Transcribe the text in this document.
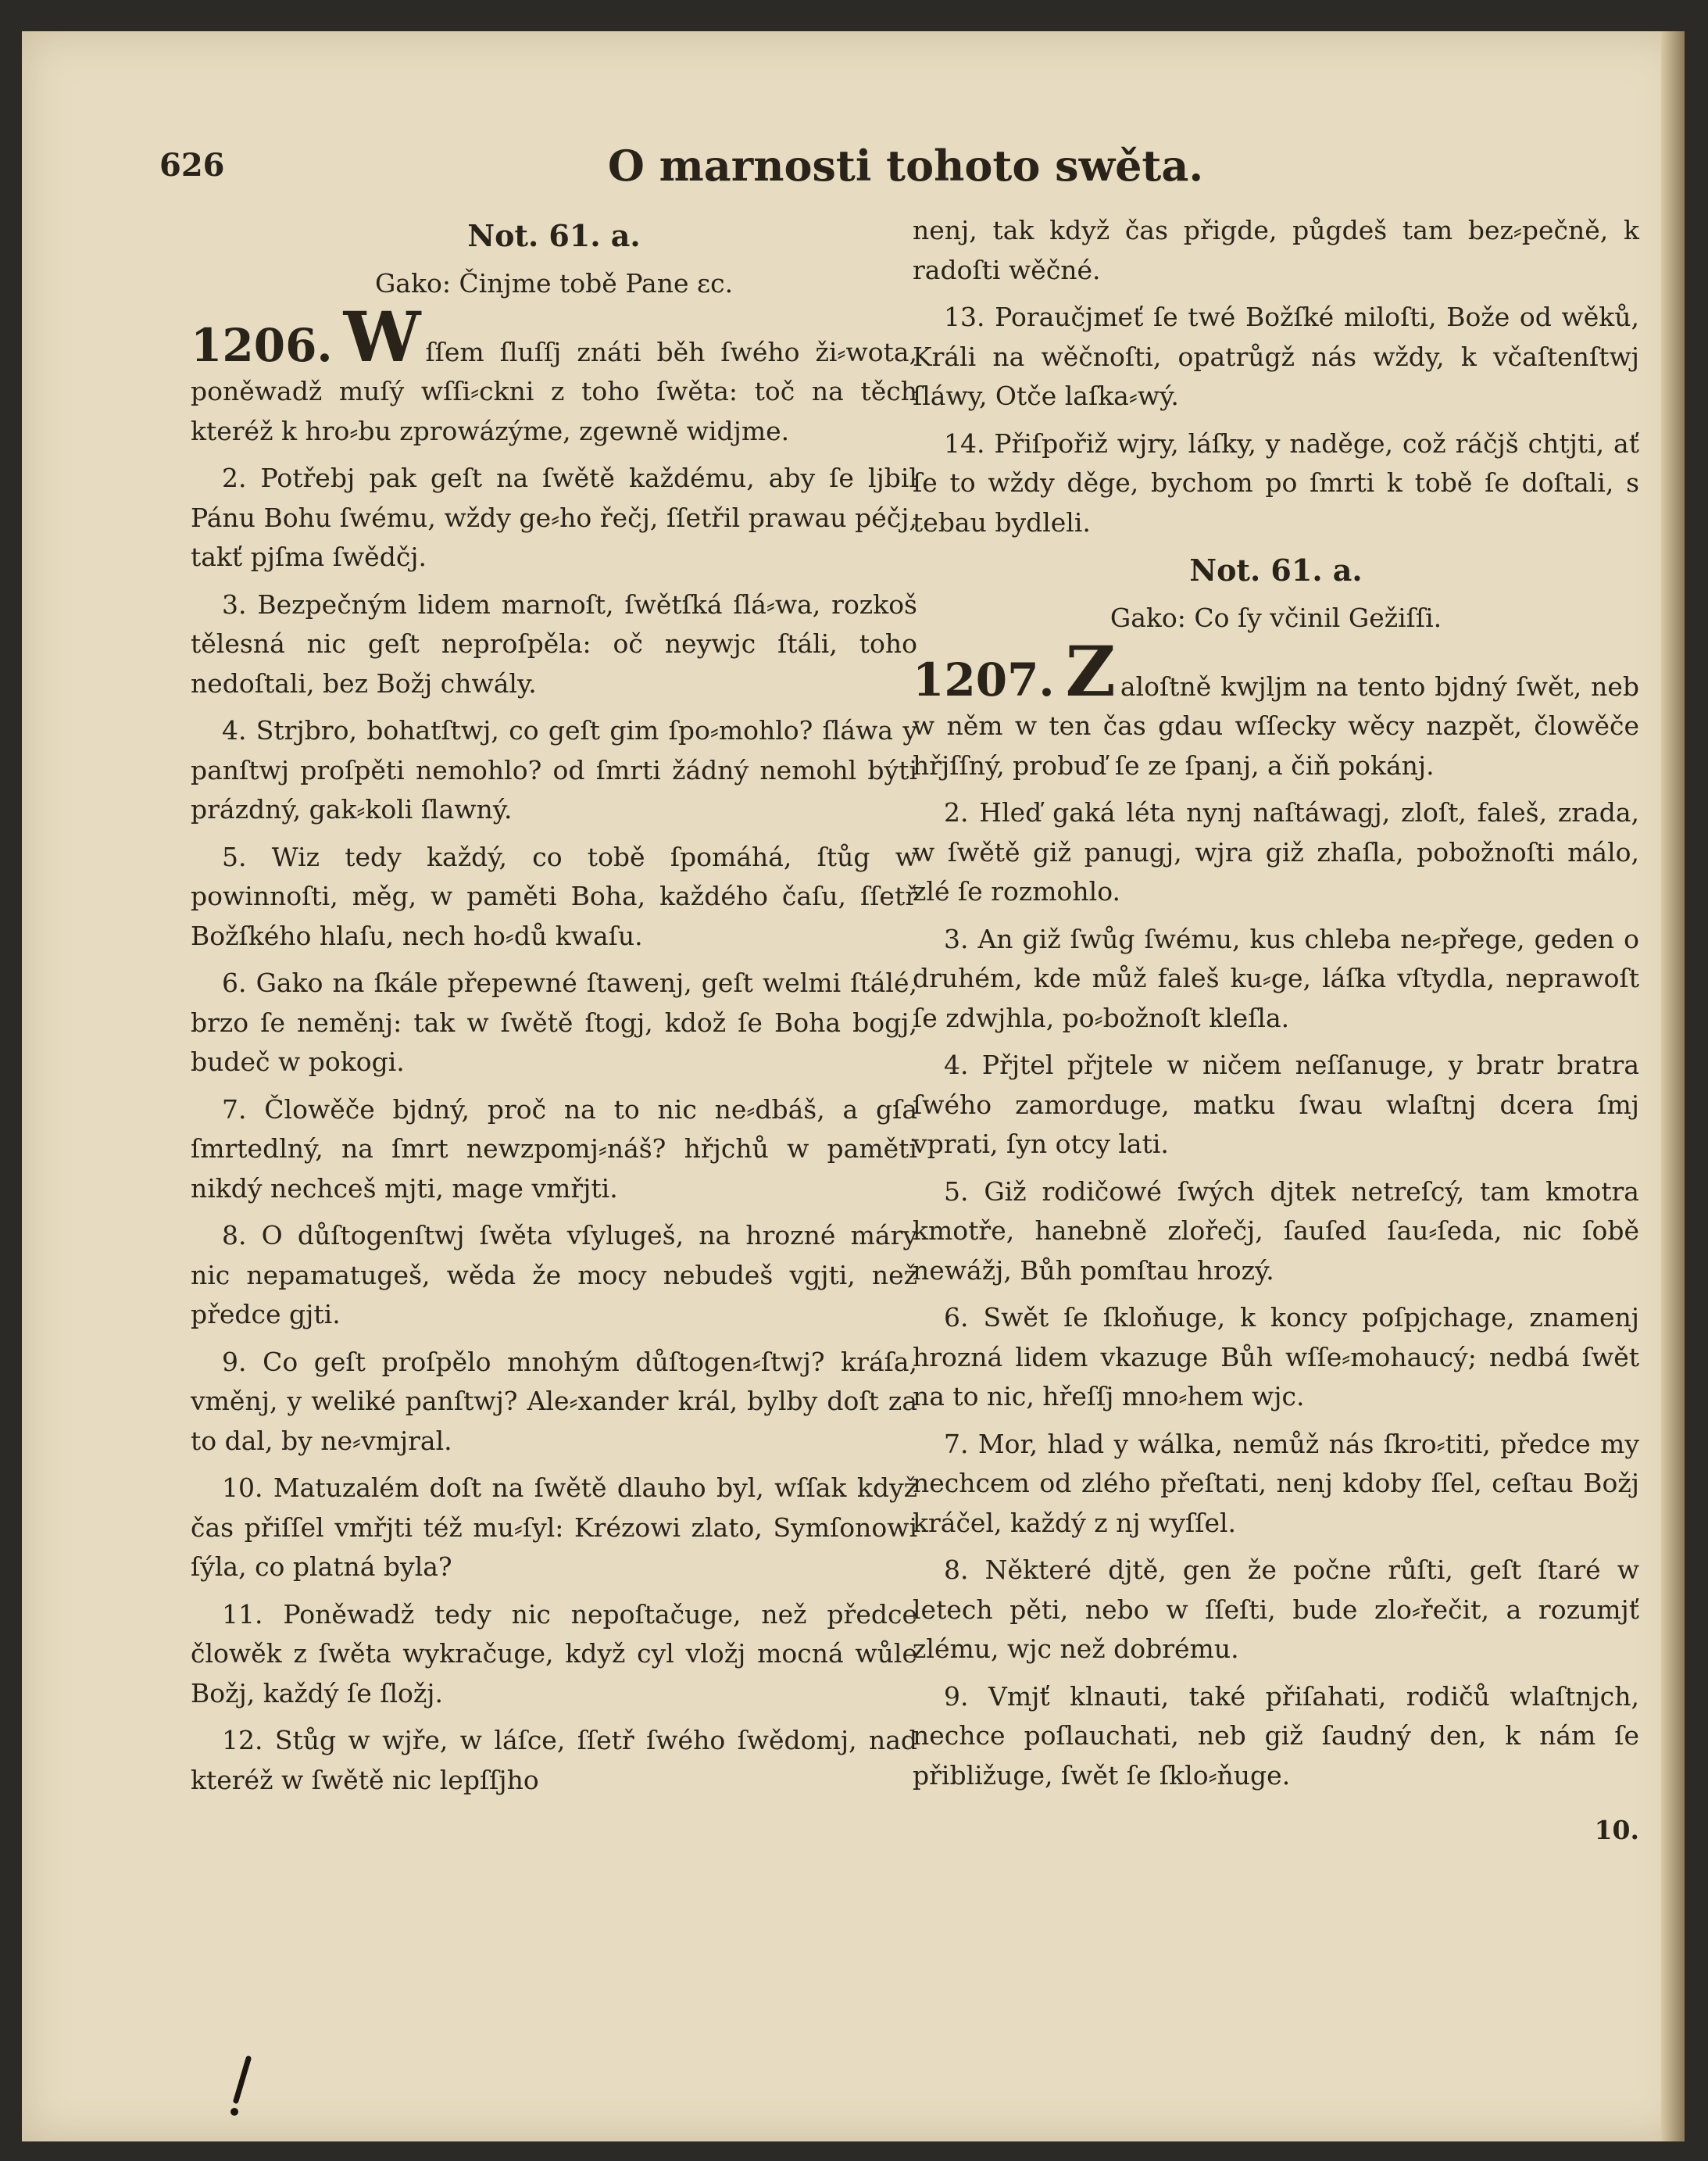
626	O marnosti tohoto swěta.
Not. 61. a.
Gako: Činjme tobě Pane ɛc.

1206. W ſſem ſluſſj znáti běh ſwého ži⸗wota, poněwadž muſý wſſi⸗ckni z toho ſwěta: toč na těch kteréž k hro⸗bu zprowázýme, zgewně widjme.

2. Potřebj pak geſt na ſwětě každému, aby ſe ljbil Pánu Bohu ſwému, wždy ge⸗ho řečj, ſſetřil prawau péčj, takť pjſma ſwědčj.

3. Bezpečným lidem marnoſt, ſwětſká ſlá⸗wa, rozkoš tělesná nic geſt neproſpěla: oč neywjc ſtáli, toho nedoſtali, bez Božj chwály.

4. Strjbro, bohatſtwj, co geſt gim ſpo⸗mohlo? ſláwa y panſtwj proſpěti nemohlo? od ſmrti žádný nemohl býti prázdný, gak⸗koli ſlawný.

5. Wiz tedy každý, co tobě ſpomáhá, ſtůg w powinnoſti, měg, w paměti Boha, každého čaſu, ſſetř Božſkého hlaſu, nech ho⸗dů kwaſu.

6. Gako na ſkále přepewné ſtawenj, geſt welmi ſtálé, brzo ſe neměnj: tak w ſwětě ſtogj, kdož ſe Boha bogj, budeč w pokogi.

7. Člowěče bjdný, proč na to nic ne⸗dbáš, a gſa ſmrtedlný, na ſmrt newzpomj⸗náš? hřjchů w paměti nikdý nechceš mjti, mage vmřjti.

8. O důſtogenſtwj ſwěta vſylugeš, na hrozné máry nic nepamatugeš, wěda že mocy nebudeš vgjti, než předce gjti.

9. Co geſt proſpělo mnohým důſtogen⸗ſtwj? kráſa, vměnj, y weliké panſtwj? Ale⸗xander král, bylby doſt za to dal, by ne⸗vmjral.

10. Matuzalém doſt na ſwětě dlauho byl, wſſak když čas přiſſel vmřjti též mu⸗ſyl: Krézowi zlato, Symſonowi ſýla, co platná byla?

11. Poněwadž tedy nic nepoſtačuge, než předce člowěk z ſwěta wykračuge, když cyl vložj mocná wůle Božj, každý ſe ſložj.

12. Stůg w wjře, w láſce, ſſetř ſwého ſwědomj, nad kteréž w ſwětě nic lepſſjho

nenj, tak když čas přigde, půgdeš tam bez⸗pečně, k radoſti wěčné.

13. Poraučjmeť ſe twé Božſké miloſti, Bože od wěků, Králi na wěčnoſti, opatrůgž nás wždy, k včaſtenſtwj ſláwy, Otče laſka⸗wý.

14. Přiſpořiž wjry, láſky, y naděge, což ráčjš chtjti, ať ſe to wždy děge, bychom po ſmrti k tobě ſe doſtali, s tebau bydleli.

Not. 61. a.
Gako: Co ſy včinil Gežiſſi.

1207. Z aloſtně kwjljm na tento bjdný ſwět, neb w něm w ten čas gdau wſſecky wěcy nazpět, člowěče hřjſſný, probuď ſe ze ſpanj, a čiň pokánj.

2. Hleď gaká léta nynj naſtáwagj, zloſt, faleš, zrada, w ſwětě giž panugj, wjra giž zhaſla, pobožnoſti málo, zlé ſe rozmohlo.

3. An giž ſwůg ſwému, kus chleba ne⸗přege, geden o druhém, kde můž faleš ku⸗ge, láſka vſtydla, neprawoſt ſe zdwjhla, po⸗božnoſt kleſla.

4. Přjtel přjtele w ničem neſſanuge, y bratr bratra ſwého zamorduge, matku ſwau wlaſtnj dcera ſmj vprati, ſyn otcy lati.

5. Giž rodičowé ſwých djtek netreſcý, tam kmotra kmotře, hanebně zlořečj, ſauſed ſau⸗ſeda, nic ſobě newážj, Bůh pomſtau hrozý.

6. Swět ſe ſkloňuge, k koncy poſpjchage, znamenj hrozná lidem vkazuge Bůh wſſe⸗mohaucý; nedbá ſwět na to nic, hřeſſj mno⸗hem wjc.

7. Mor, hlad y wálka, nemůž nás ſkro⸗titi, předce my nechcem od zlého přeſtati, nenj kdoby ſſel, ceſtau Božj kráčel, každý z nj wyſſel.

8. Některé djtě, gen že počne růſti, geſt ſtaré w letech pěti, nebo w ſſeſti, bude zlo⸗řečit, a rozumjť zlému, wjc než dobrému.

9. Vmjť klnauti, také přiſahati, rodičů wlaſtnjch, nechce poſlauchati, neb giž ſaudný den, k nám ſe přibližuge, ſwět ſe ſklo⸗ňuge.

10.
